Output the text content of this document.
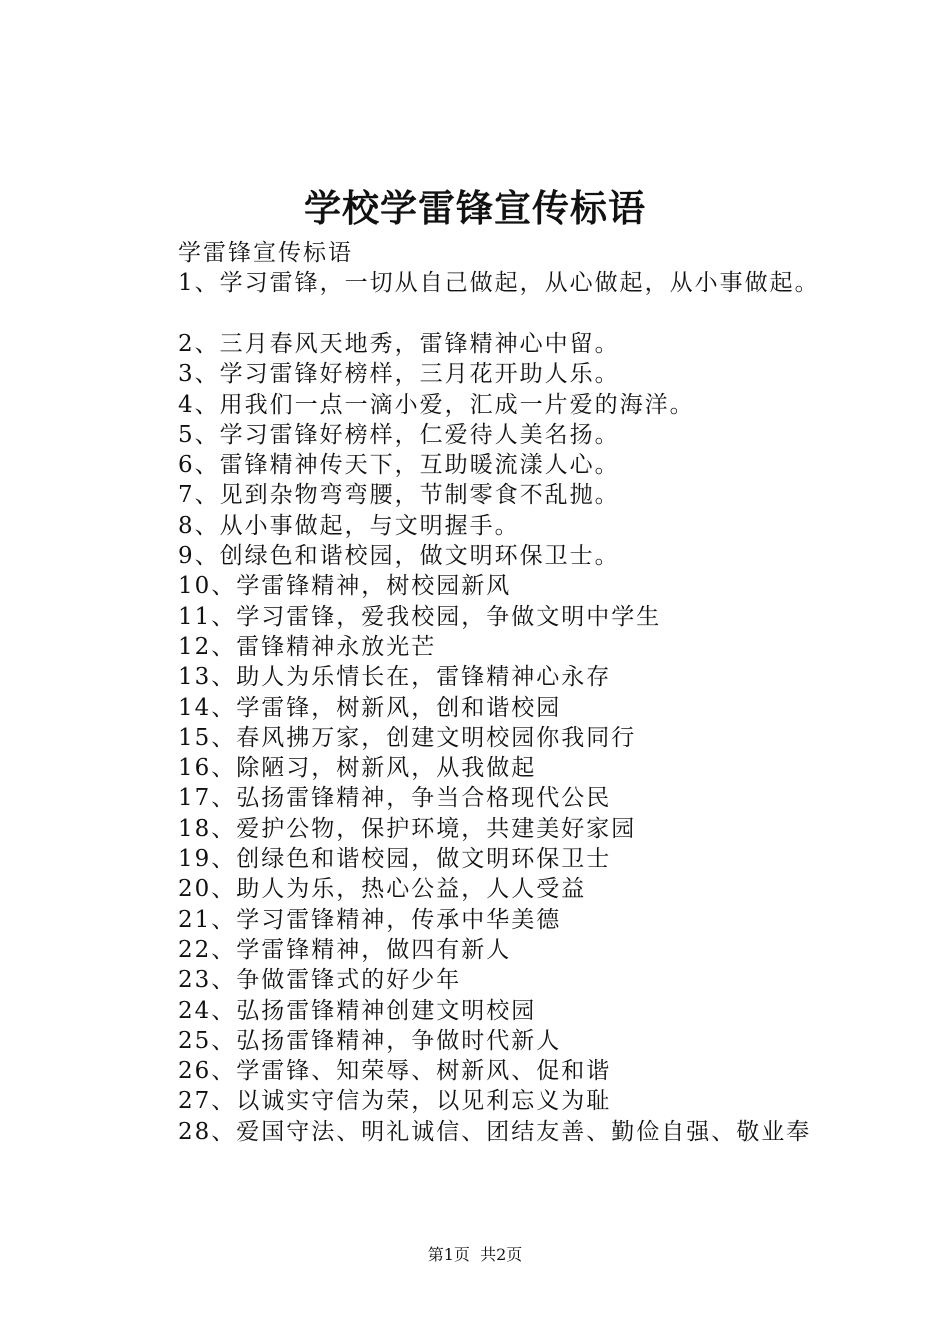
学校学雷锋宣传标语
学雷锋宣传标语
1、学习雷锋，一切从自己做起，从心做起，从小事做起。
2、三月春风天地秀，雷锋精神心中留。
3、学习雷锋好榜样，三月花开助人乐。
4、用我们一点一滴小爱，汇成一片爱的海洋。
5、学习雷锋好榜样，仁爱待人美名扬。
6、雷锋精神传天下，互助暖流漾人心。
7、见到杂物弯弯腰，节制零食不乱抛。
8、从小事做起，与文明握手。
9、创绿色和谐校园，做文明环保卫士。
10、学雷锋精神，树校园新风
11、学习雷锋，爱我校园，争做文明中学生
12、雷锋精神永放光芒
13、助人为乐情长在，雷锋精神心永存
14、学雷锋，树新风，创和谐校园
15、春风拂万家，创建文明校园你我同行
16、除陋习，树新风，从我做起
17、弘扬雷锋精神，争当合格现代公民
18、爱护公物，保护环境，共建美好家园
19、创绿色和谐校园，做文明环保卫士
20、助人为乐，热心公益，人人受益
21、学习雷锋精神，传承中华美德
22、学雷锋精神，做四有新人
23、争做雷锋式的好少年
24、弘扬雷锋精神创建文明校园
25、弘扬雷锋精神，争做时代新人
26、学雷锋、知荣辱、树新风、促和谐
27、以诚实守信为荣，以见利忘义为耻
28、爱国守法、明礼诚信、团结友善、勤俭自强、敬业奉
第1页  共2页
